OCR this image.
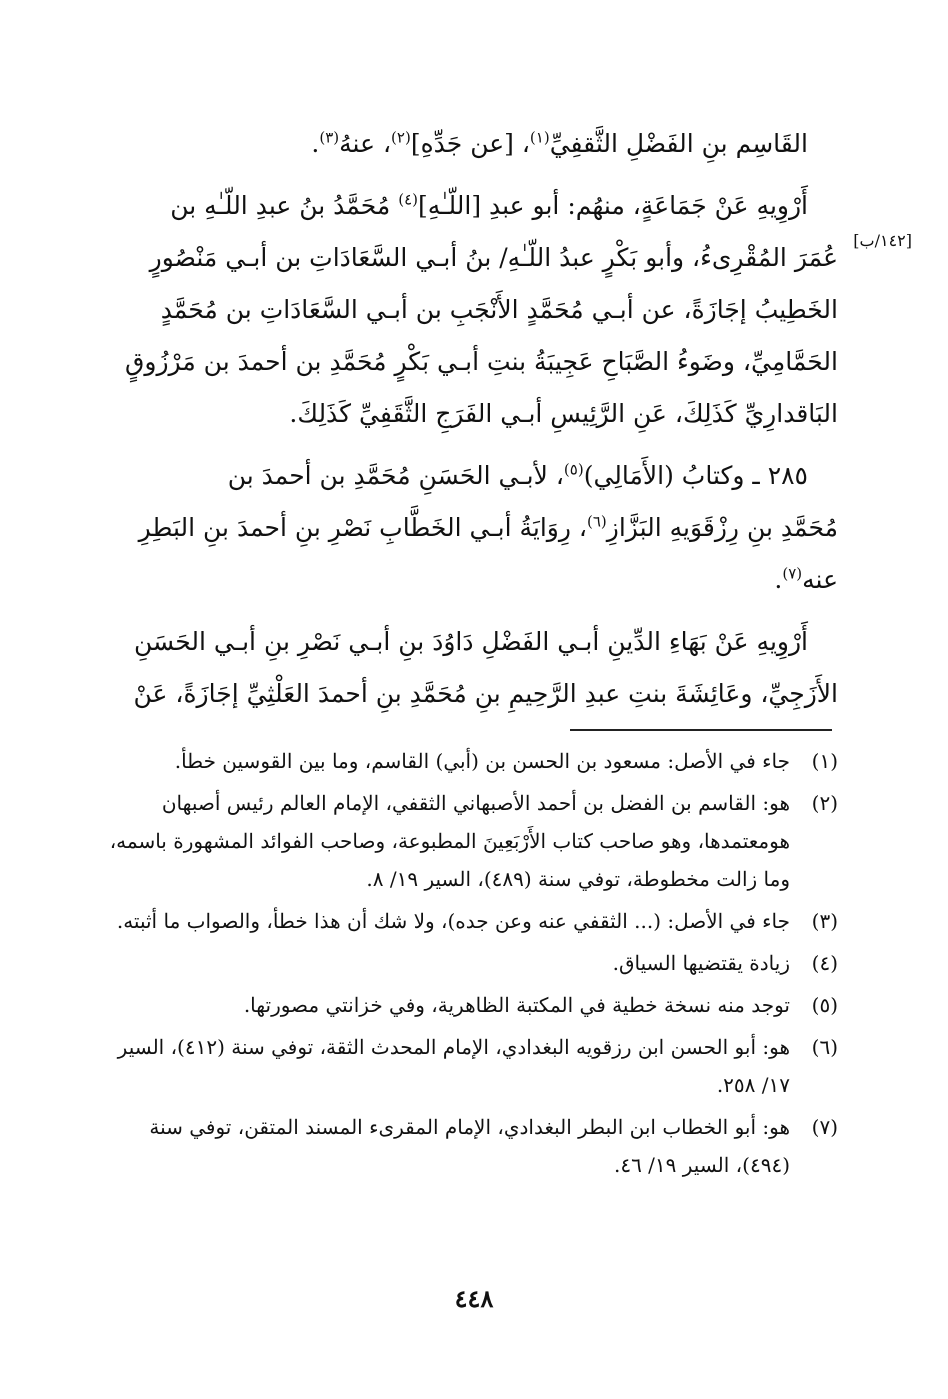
القَاسِم بنِ الفَضْلِ الثَّقفِيِّ$^{(١)}$، [عن جَدِّهِ]$^{(٢)}$، عنهُ$^{(٣)}$.
أَرْوِيهِ عَنْ جَمَاعَةٍ، منهُم: أبو عبدِ [اللّـٰهِ]$^{(٤)}$ مُحَمَّدُ بنُ عبدِ اللّـٰهِ بن
عُمَرَ المُقْرِىءُ، وأبو بَكْرٍ عبدُ اللّـٰهِ/ بنُ أبـي السَّعَادَاتِ بن أبـي مَنْصُورٍ
الخَطِيبُ إجَازَةً، عن أبـي مُحَمَّدٍ الأَنْجَبِ بن أبـي السَّعَادَاتِ بن مُحَمَّدٍ
الحَمَّامِيِّ، وضَوءُ الصَّبَاحِ عَجِيبَةُ بنتِ أبـي بَكْرٍ مُحَمَّدِ بن أحمدَ بن مَرْزُوقٍ
البَاقدارِيِّ كَذَلِكَ، عَنِ الرَّئِيسِ أبـي الفَرَجِ الثَّقَفِيِّ كَذَلِكَ.
٢٨٥ ـ وكتابُ (الأَمَالِي)$^{(٥)}$، لأبـي الحَسَنِ مُحَمَّدِ بن أحمدَ بن
مُحَمَّدِ بنِ رِزْقَوَيهِ البَزَّازِ$^{(٦)}$، رِوَايَةُ أبـي الخَطَّابِ نَصْرِ بنِ أحمدَ بنِ البَطِرِ
عنه$^{(٧)}$.
أَرْوِيهِ عَنْ بَهَاءِ الدِّينِ أبـي الفَضْلِ دَاوُدَ بنِ أبـي نَصْرِ بنِ أبـي الحَسَنِ
الأَزَجِيِّ، وعَائِشَةَ بنتِ عبدِ الرَّحِيمِ بنِ مُحَمَّدِ بنِ أحمدَ العَلْثِيِّ إجَازَةً، عَنْ
[١٤٢/ب]
(١)
جاء في الأصل: مسعود بن الحسن بن (أبي) القاسم، وما بين القوسين خطأ.
(٢)
هو: القاسم بن الفضل بن أحمد الأصبهاني الثقفي، الإمام العالم رئيس أصبهان هومعتمدها، وهو صاحب كتاب الأَرْبَعِينَ المطبوعة، وصاحب الفوائد المشهورة باسمه، وما زالت مخطوطة، توفي سنة (٤٨٩)، السير ١٩/ ٨.
(٣)
جاء في الأصل: (... الثقفي عنه وعن جده)، ولا شك أن هذا خطأ، والصواب ما أثبته.
(٤)
زيادة يقتضيها السياق.
(٥)
توجد منه نسخة خطية في المكتبة الظاهرية، وفي خزانتي مصورتها.
(٦)
هو: أبو الحسن ابن رزقويه البغدادي، الإمام المحدث الثقة، توفي سنة (٤١٢)، السير ١٧/ ٢٥٨.
(٧)
هو: أبو الخطاب ابن البطر البغدادي، الإمام المقرىء المسند المتقن، توفي سنة (٤٩٤)، السير ١٩/ ٤٦.
٤٤٨
